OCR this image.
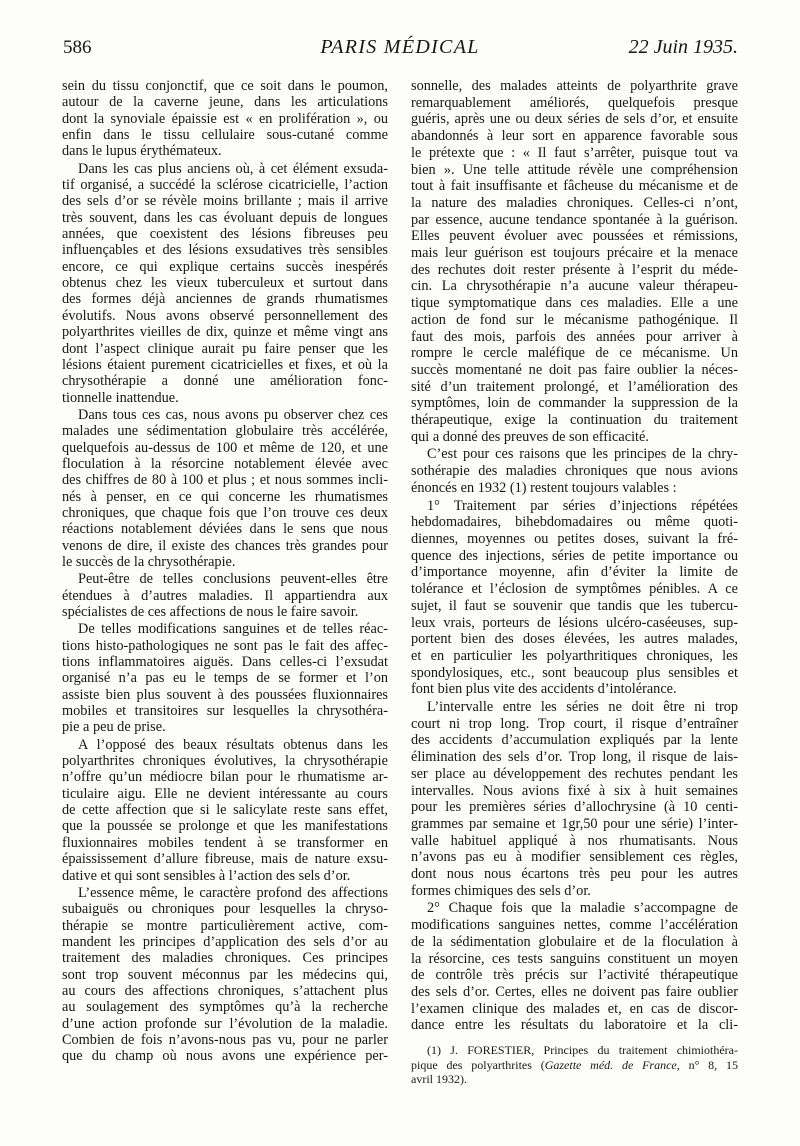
586	PARIS MÉDICAL	22 Juin 1935.
sein du tissu conjonctif, que ce soit dans le poumon,
autour de la caverne jeune, dans les articulations
dont la synoviale épaissie est « en prolifération », ou
enfin dans le tissu cellulaire sous-cutané comme
dans le lupus érythémateux.
Dans les cas plus anciens où, à cet élément exsuda-
tif organisé, a succédé la sclérose cicatricielle, l’action
des sels d’or se révèle moins brillante ; mais il arrive
très souvent, dans les cas évoluant depuis de longues
années, que coexistent des lésions fibreuses peu
influençables et des lésions exsudatives très sensibles
encore, ce qui explique certains succès inespérés
obtenus chez les vieux tuberculeux et surtout dans
des formes déjà anciennes de grands rhumatismes
évolutifs. Nous avons observé personnellement des
polyarthrites vieilles de dix, quinze et même vingt ans
dont l’aspect clinique aurait pu faire penser que les
lésions étaient purement cicatricielles et fixes, et où la
chrysothérapie a donné une amélioration fonc-
tionnelle inattendue.
Dans tous ces cas, nous avons pu observer chez ces
malades une sédimentation globulaire très accélérée,
quelquefois au-dessus de 100 et même de 120, et une
floculation à la résorcine notablement élevée avec
des chiffres de 80 à 100 et plus ; et nous sommes incli-
nés à penser, en ce qui concerne les rhumatismes
chroniques, que chaque fois que l’on trouve ces deux
réactions notablement déviées dans le sens que nous
venons de dire, il existe des chances très grandes pour
le succès de la chrysothérapie.
Peut-être de telles conclusions peuvent-elles être
étendues à d’autres maladies. Il appartiendra aux
spécialistes de ces affections de nous le faire savoir.
De telles modifications sanguines et de telles réac-
tions histo-pathologiques ne sont pas le fait des affec-
tions inflammatoires aiguës. Dans celles-ci l’exsudat
organisé n’a pas eu le temps de se former et l’on
assiste bien plus souvent à des poussées fluxionnaires
mobiles et transitoires sur lesquelles la chrysothéra-
pie a peu de prise.
A l’opposé des beaux résultats obtenus dans les
polyarthrites chroniques évolutives, la chrysothérapie
n’offre qu’un médiocre bilan pour le rhumatisme ar-
ticulaire aigu. Elle ne devient intéressante au cours
de cette affection que si le salicylate reste sans effet,
que la poussée se prolonge et que les manifestations
fluxionnaires mobiles tendent à se transformer en
épaississement d’allure fibreuse, mais de nature exsu-
dative et qui sont sensibles à l’action des sels d’or.
L’essence même, le caractère profond des affections
subaiguës ou chroniques pour lesquelles la chryso-
thérapie se montre particulièrement active, com-
mandent les principes d’application des sels d’or au
traitement des maladies chroniques. Ces principes
sont trop souvent méconnus par les médecins qui,
au cours des affections chroniques, s’attachent plus
au soulagement des symptômes qu’à la recherche
d’une action profonde sur l’évolution de la maladie.
Combien de fois n’avons-nous pas vu, pour ne parler
que du champ où nous avons une expérience per-
sonnelle, des malades atteints de polyarthrite grave
remarquablement améliorés, quelquefois presque
guéris, après une ou deux séries de sels d’or, et ensuite
abandonnés à leur sort en apparence favorable sous
le prétexte que : « Il faut s’arrêter, puisque tout va
bien ». Une telle attitude révèle une compréhension
tout à fait insuffisante et fâcheuse du mécanisme et de
la nature des maladies chroniques. Celles-ci n’ont,
par essence, aucune tendance spontanée à la guérison.
Elles peuvent évoluer avec poussées et rémissions,
mais leur guérison est toujours précaire et la menace
des rechutes doit rester présente à l’esprit du méde-
cin. La chrysothérapie n’a aucune valeur thérapeu-
tique symptomatique dans ces maladies. Elle a une
action de fond sur le mécanisme pathogénique. Il
faut des mois, parfois des années pour arriver à
rompre le cercle maléfique de ce mécanisme. Un
succès momentané ne doit pas faire oublier la néces-
sité d’un traitement prolongé, et l’amélioration des
symptômes, loin de commander la suppression de la
thérapeutique, exige la continuation du traitement
qui a donné des preuves de son efficacité.
C’est pour ces raisons que les principes de la chry-
sothérapie des maladies chroniques que nous avions
énoncés en 1932 (1) restent toujours valables :
1° Traitement par séries d’injections répétées
hebdomadaires, bihebdomadaires ou même quoti-
diennes, moyennes ou petites doses, suivant la fré-
quence des injections, séries de petite importance ou
d’importance moyenne, afin d’éviter la limite de
tolérance et l’éclosion de symptômes pénibles. A ce
sujet, il faut se souvenir que tandis que les tubercu-
leux vrais, porteurs de lésions ulcéro-caséeuses, sup-
portent bien des doses élevées, les autres malades,
et en particulier les polyarthritiques chroniques, les
spondylosiques, etc., sont beaucoup plus sensibles et
font bien plus vite des accidents d’intolérance.
L’intervalle entre les séries ne doit être ni trop
court ni trop long. Trop court, il risque d’entraîner
des accidents d’accumulation expliqués par la lente
élimination des sels d’or. Trop long, il risque de lais-
ser place au développement des rechutes pendant les
intervalles. Nous avions fixé à six à huit semaines
pour les premières séries d’allochrysine (à 10 centi-
grammes par semaine et 1gr,50 pour une série) l’inter-
valle habituel appliqué à nos rhumatisants. Nous
n’avons pas eu à modifier sensiblement ces règles,
dont nous nous écartons très peu pour les autres
formes chimiques des sels d’or.
2° Chaque fois que la maladie s’accompagne de
modifications sanguines nettes, comme l’accélération
de la sédimentation globulaire et de la floculation à
la résorcine, ces tests sanguins constituent un moyen
de contrôle très précis sur l’activité thérapeutique
des sels d’or. Certes, elles ne doivent pas faire oublier
l’examen clinique des malades et, en cas de discor-
dance entre les résultats du laboratoire et la cli-
(1) J. FORESTIER, Principes du traitement chimiothéra-
pique des polyarthrites (Gazette méd. de France, n° 8, 15
avril 1932).
